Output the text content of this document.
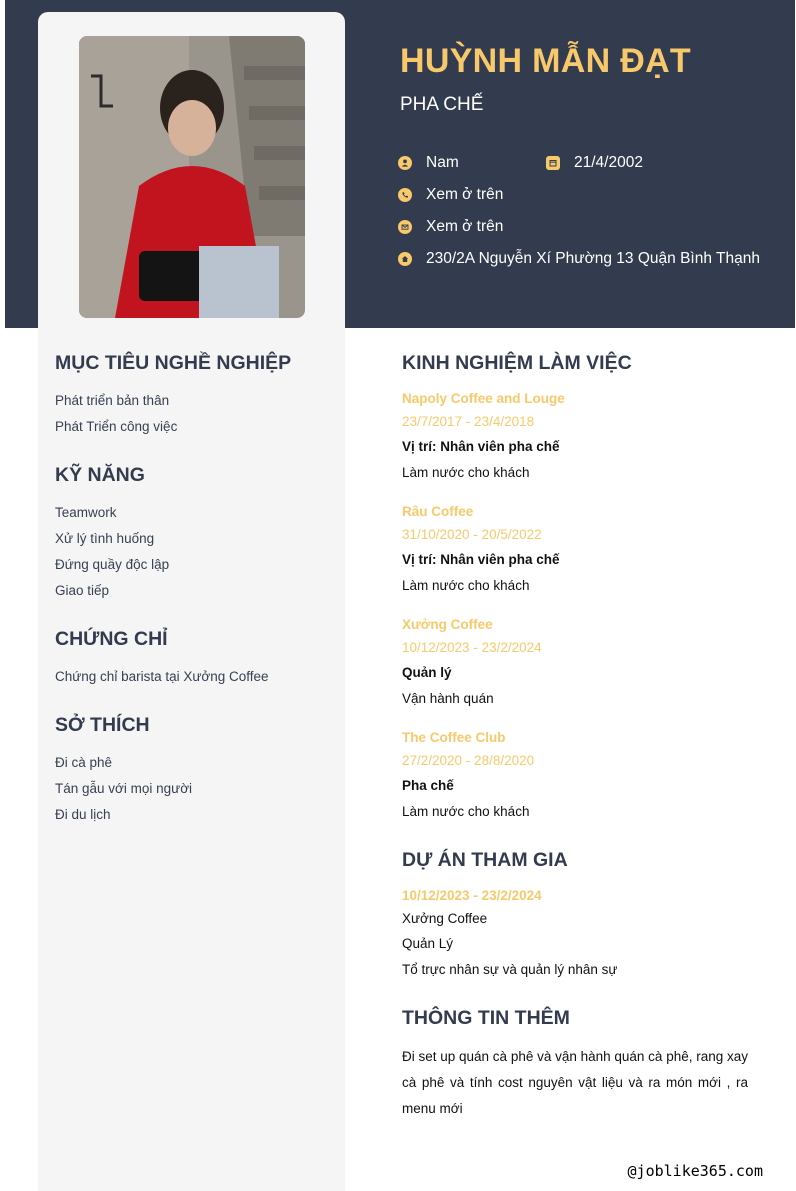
HUỲNH MẪN ĐẠT
PHA CHẾ
Nam	21/4/2002
Xem ở trên
Xem ở trên
230/2A Nguyễn Xí Phường 13 Quận Bình Thạnh
MỤC TIÊU NGHỀ NGHIỆP
Phát triển bản thân
Phát Triển công việc
KỸ NĂNG
Teamwork
Xử lý tình huống
Đứng quầy độc lập
Giao tiếp
CHỨNG CHỈ
Chứng chỉ barista tại Xưởng Coffee
SỞ THÍCH
Đi cà phê
Tán gẫu với mọi người
Đi du lịch
KINH NGHIỆM LÀM VIỆC
Napoly Coffee and Louge
23/7/2017 - 23/4/2018
Vị trí: Nhân viên pha chế
Làm nước cho khách
Râu Coffee
31/10/2020 - 20/5/2022
Vị trí: Nhân viên pha chế
Làm nước cho khách
Xưởng Coffee
10/12/2023 - 23/2/2024
Quản lý
Vận hành quán
The Coffee Club
27/2/2020 - 28/8/2020
Pha chế
Làm nước cho khách
DỰ ÁN THAM GIA
10/12/2023 - 23/2/2024
Xưởng Coffee
Quản Lý
Tổ trực nhân sự và quản lý nhân sự
THÔNG TIN THÊM
Đi set up quán cà phê và vận hành quán cà phê, rang xay cà phê và tính cost nguyên vật liệu và ra món mới , ra menu mới
@joblike365.com
